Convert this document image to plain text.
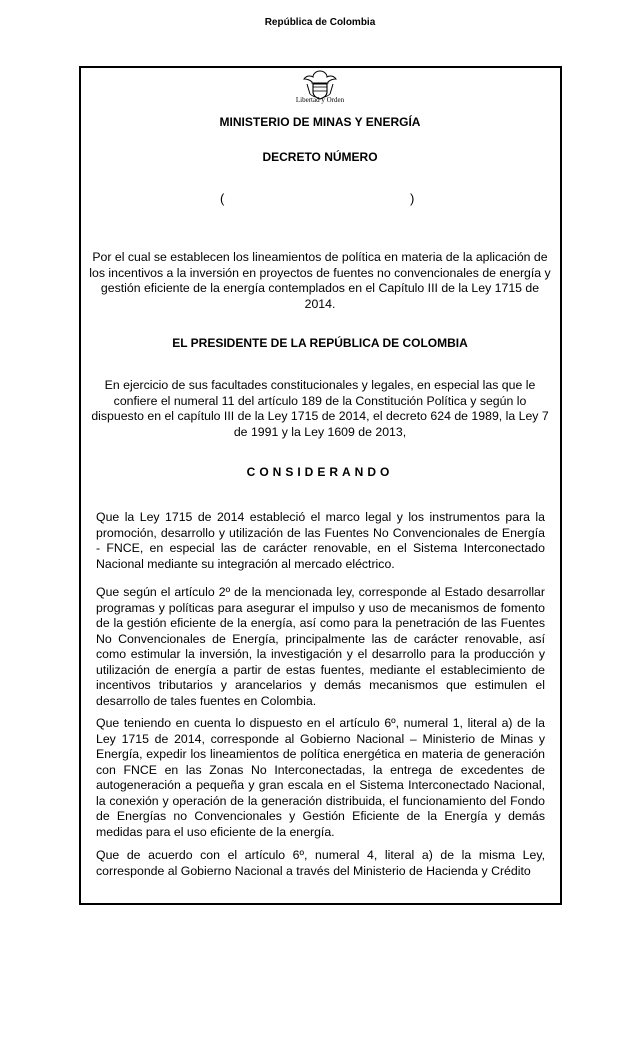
República de Colombia
Libertad y Orden
MINISTERIO DE MINAS Y ENERGÍA
DECRETO NÚMERO
(	)
Por el cual se establecen los lineamientos de política en materia de la aplicación de los incentivos a la inversión en proyectos de fuentes no convencionales de energía y gestión eficiente de la energía contemplados en el Capítulo III de la Ley 1715 de 2014.
EL PRESIDENTE DE LA REPÚBLICA DE COLOMBIA
En ejercicio de sus facultades constitucionales y legales, en especial las que le confiere el numeral 11 del artículo 189 de la Constitución Política y según lo dispuesto en el capítulo III de la Ley 1715 de 2014, el decreto 624 de 1989, la Ley 7 de 1991 y la Ley 1609 de 2013,
CONSIDERANDO
Que la Ley 1715 de 2014 estableció el marco legal y los instrumentos para la promoción, desarrollo y utilización de las Fuentes No Convencionales de Energía - FNCE, en especial las de carácter renovable, en el Sistema Interconectado Nacional mediante su integración al mercado eléctrico.
Que según el artículo 2º de la mencionada ley, corresponde al Estado desarrollar programas y políticas para asegurar el impulso y uso de mecanismos de fomento de la gestión eficiente de la energía, así como para la penetración de las Fuentes No Convencionales de Energía, principalmente las de carácter renovable, así como estimular la inversión, la investigación y el desarrollo para la producción y utilización de energía a partir de estas fuentes, mediante el establecimiento de incentivos tributarios y arancelarios y demás mecanismos que estimulen el desarrollo de tales fuentes en Colombia.
Que teniendo en cuenta lo dispuesto en el artículo 6º, numeral 1, literal a) de la Ley 1715 de 2014, corresponde al Gobierno Nacional – Ministerio de Minas y Energía, expedir los lineamientos de política energética en materia de generación con FNCE en las Zonas No Interconectadas, la entrega de excedentes de autogeneración a pequeña y gran escala en el Sistema Interconectado Nacional, la conexión y operación de la generación distribuida, el funcionamiento del Fondo de Energías no Convencionales y Gestión Eficiente de la Energía y demás medidas para el uso eficiente de la energía.
Que de acuerdo con el artículo 6º, numeral 4, literal a) de la misma Ley, corresponde al Gobierno Nacional a través del Ministerio de Hacienda y Crédito
